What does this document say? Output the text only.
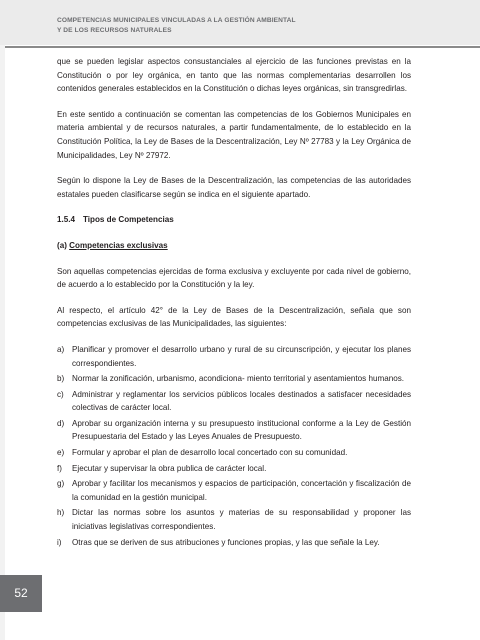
COMPETENCIAS MUNICIPALES VINCULADAS A LA GESTIÓN AMBIENTAL
Y DE LOS RECURSOS NATURALES

que se pueden legislar aspectos consustanciales al ejercicio de las funciones previstas en la Constitución o por ley orgánica, en tanto que las normas complementarias desarrollen los contenidos generales establecidos en la Constitución o dichas leyes orgánicas, sin transgredirlas.

En este sentido a continuación se comentan las competencias de los Gobiernos Municipales en materia ambiental y de recursos naturales, a partir fundamentalmente, de lo establecido en la Constitución Política, la Ley de Bases de la Descentralización, Ley Nº 27783 y la Ley Orgánica de Municipalidades, Ley Nº 27972.

Según lo dispone la Ley de Bases de la Descentralización, las competencias de las autoridades estatales pueden clasificarse según se indica en el siguiente apartado.

1.5.4 Tipos de Competencias

(a) Competencias exclusivas

Son aquellas competencias ejercidas de forma exclusiva y excluyente por cada nivel de gobierno, de acuerdo a lo establecido por la Constitución y la ley.

Al respecto, el artículo 42° de la Ley de Bases de la Descentralización, señala que son competencias exclusivas de las Municipalidades, las siguientes:

a) Planificar y promover el desarrollo urbano y rural de su circunscripción, y ejecutar los planes correspondientes.
b) Normar la zonificación, urbanismo, acondiciona- miento territorial y asentamientos humanos.
c) Administrar y reglamentar los servicios públicos locales destinados a satisfacer necesidades colectivas de carácter local.
d) Aprobar su organización interna y su presupuesto institucional conforme a la Ley de Gestión Presupuestaria del Estado y las Leyes Anuales de Presupuesto.
e) Formular y aprobar el plan de desarrollo local concertado con su comunidad.
f) Ejecutar y supervisar la obra publica de carácter local.
g) Aprobar y facilitar los mecanismos y espacios de participación, concertación y fiscalización de la comunidad en la gestión municipal.
h) Dictar las normas sobre los asuntos y materias de su responsabilidad y proponer las iniciativas legislativas correspondientes.
i) Otras que se deriven de sus atribuciones y funciones propias, y las que señale la Ley.
52
